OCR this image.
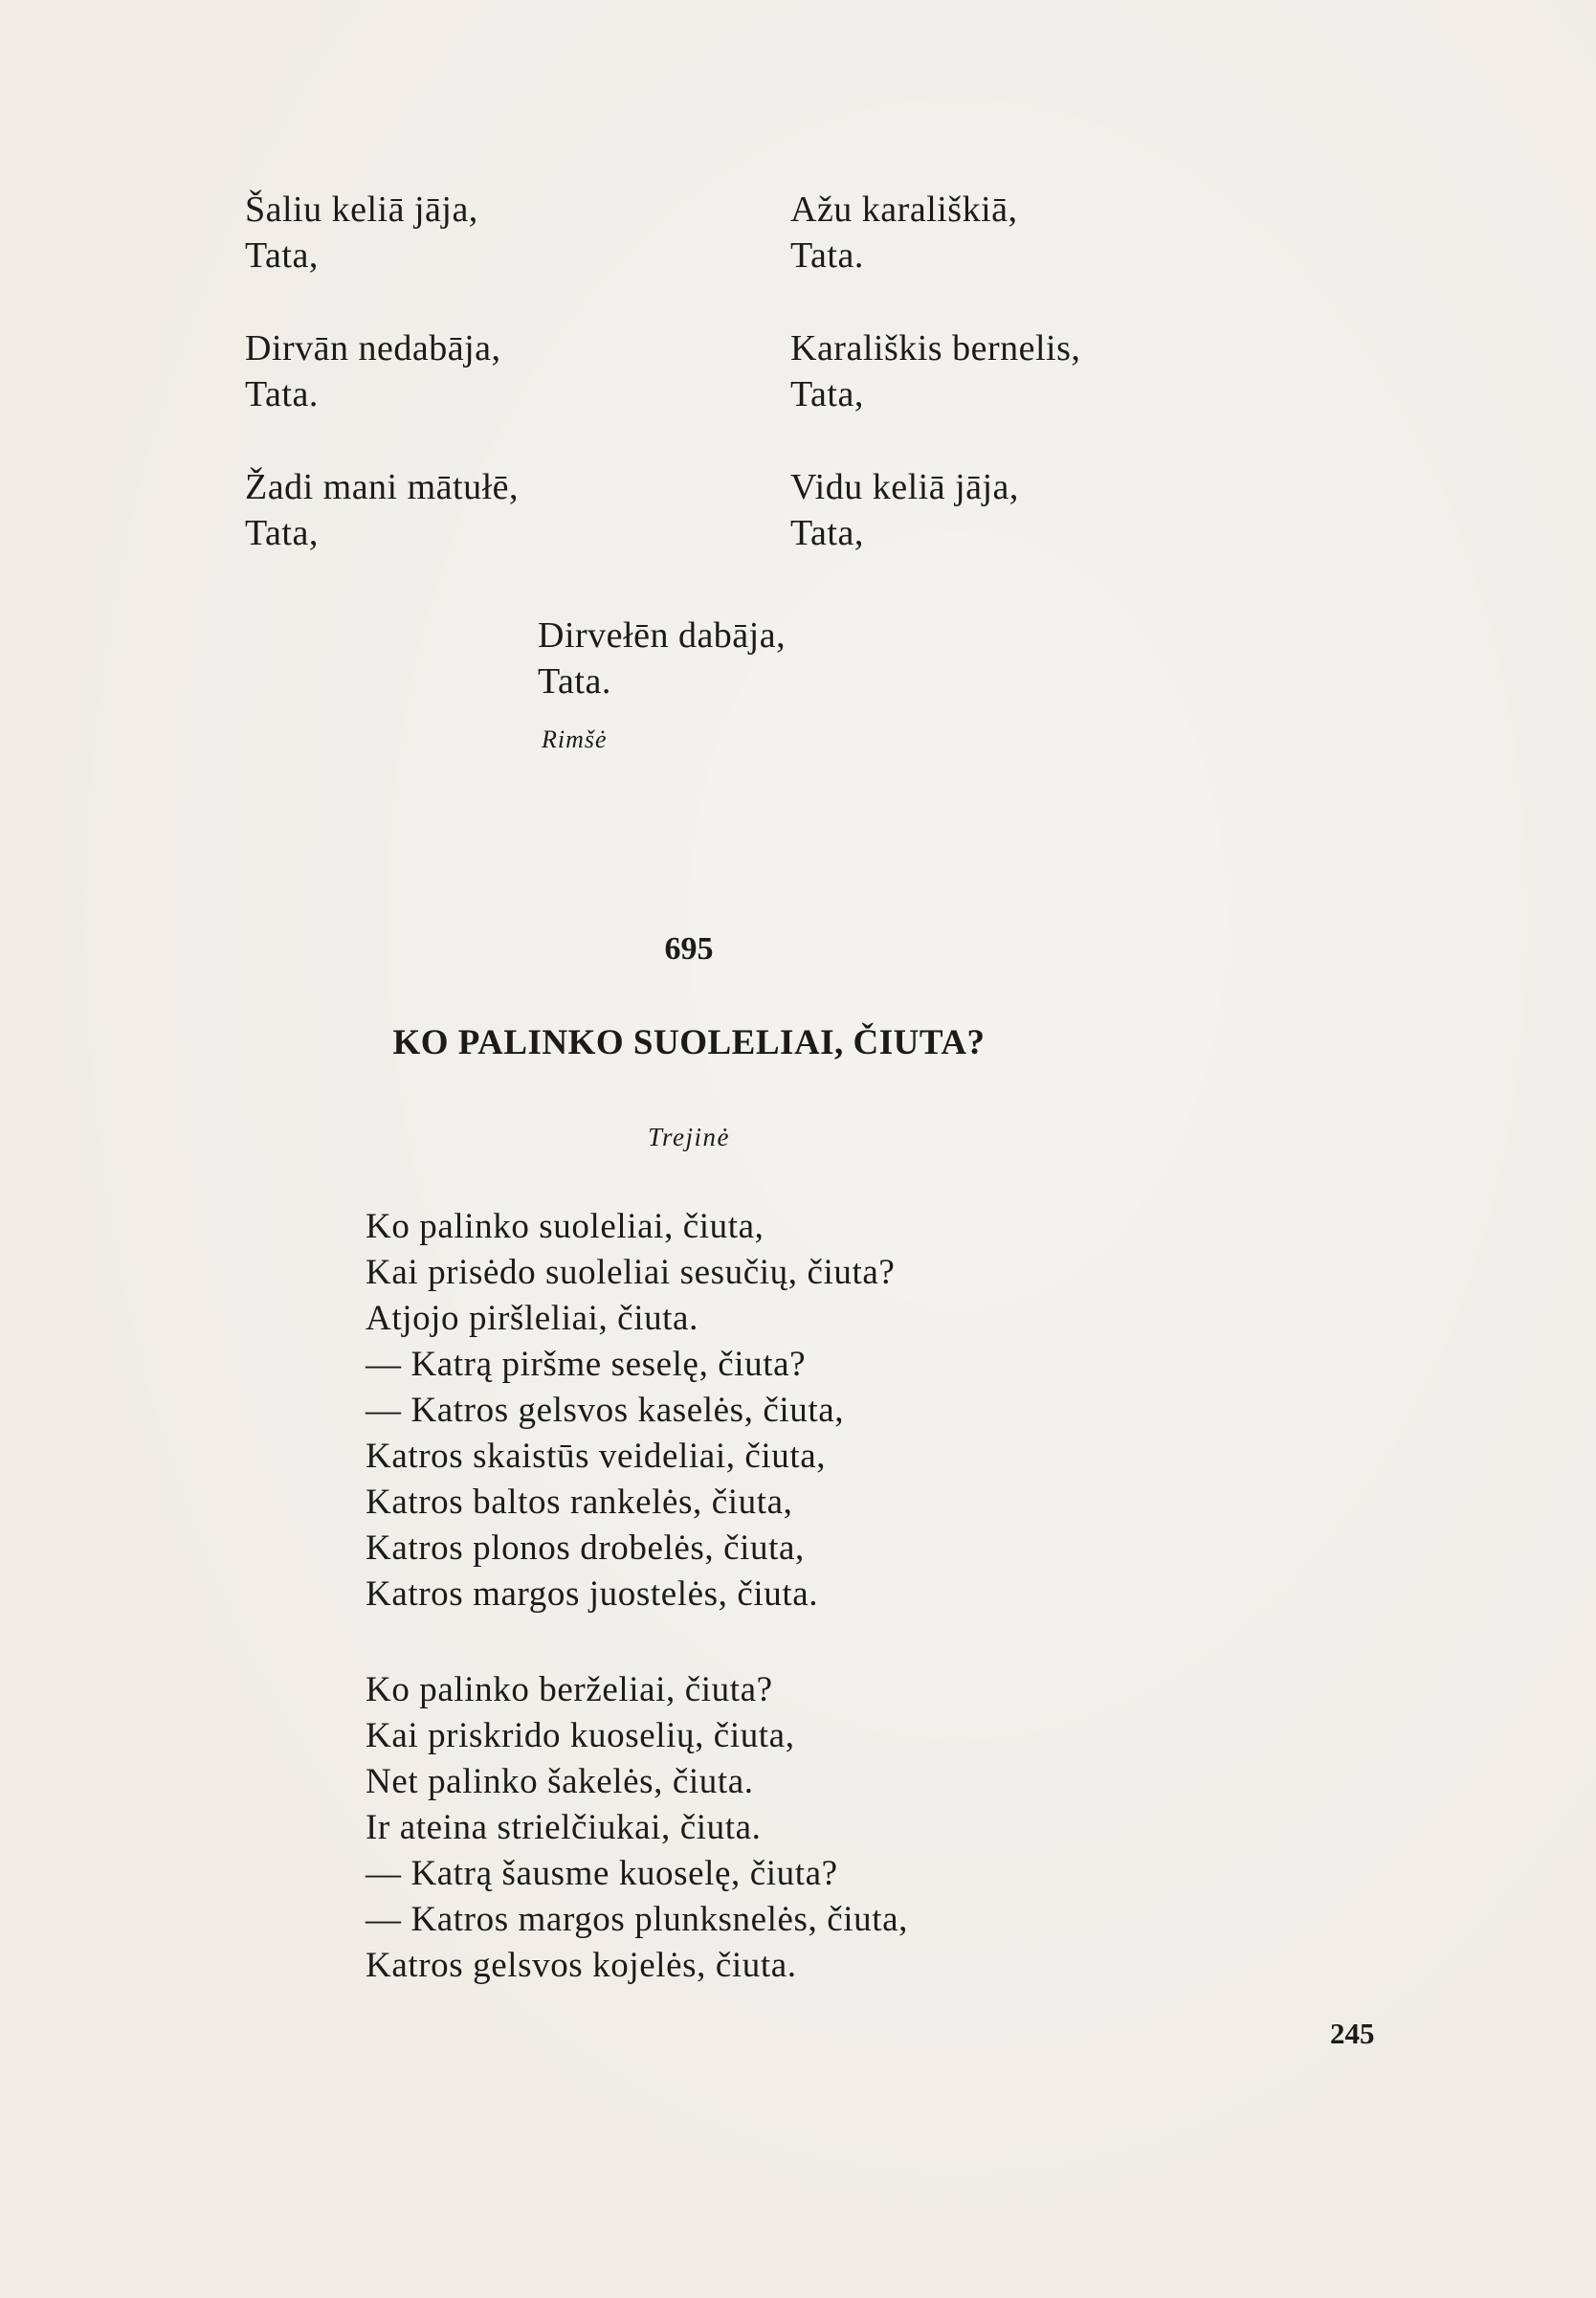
Šaliu keliā jāja,
Tata,
Dirvān nedabāja,
Tata.
Žadi mani mātułē,
Tata,
Ažu karališkiā,
Tata.
Karališkis bernelis,
Tata,
Vidu keliā jāja,
Tata,
Dirvełēn dabāja,
Tata.
Rimšė
695
KO PALINKO SUOLELIAI, ČIUTA?
Trejinė
Ko palinko suoleliai, čiuta,
Kai prisėdo suoleliai sesučių, čiuta?
Atjojo piršleliai, čiuta.
— Katrą piršme seselę, čiuta?
— Katros gelsvos kaselės, čiuta,
Katros skaistūs veideliai, čiuta,
Katros baltos rankelės, čiuta,
Katros plonos drobelės, čiuta,
Katros margos juostelės, čiuta.
Ko palinko berželiai, čiuta?
Kai priskrido kuoselių, čiuta,
Net palinko šakelės, čiuta.
Ir ateina strielčiukai, čiuta.
— Katrą šausme kuoselę, čiuta?
— Katros margos plunksnelės, čiuta,
Katros gelsvos kojelės, čiuta.
245
